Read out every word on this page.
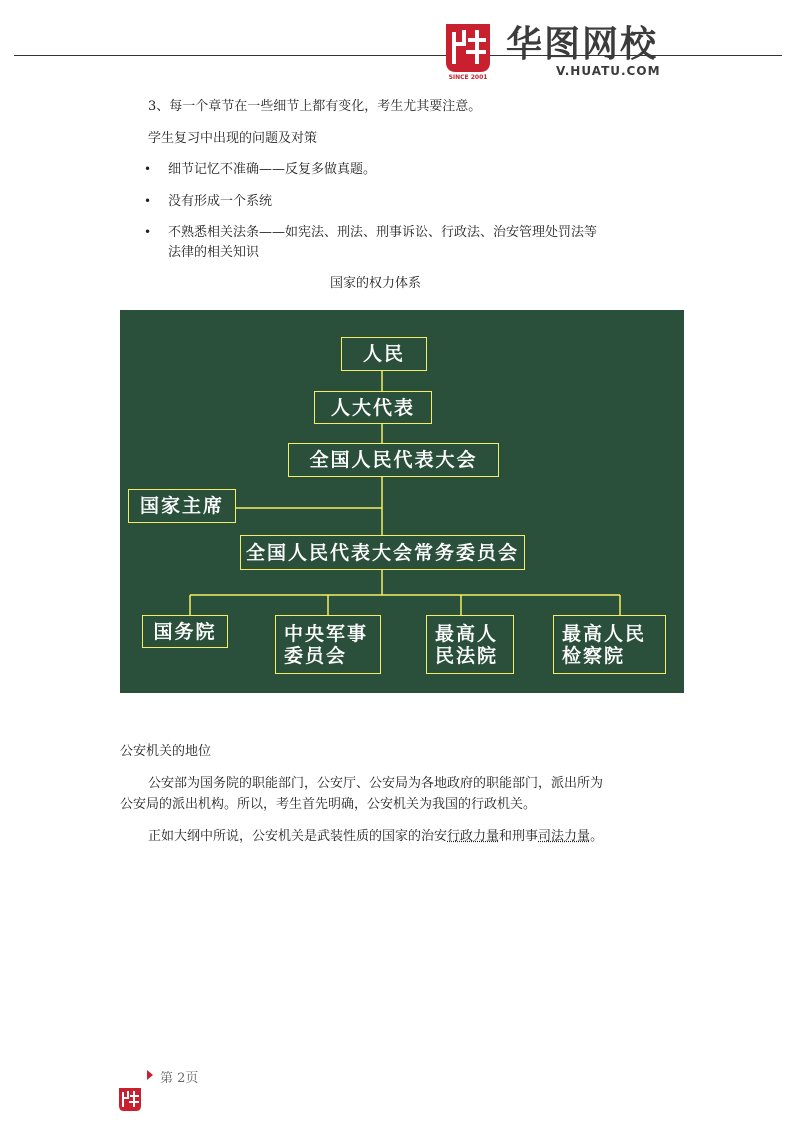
SINCE 2001
华图网校
V.HUATU.COM
3、每一个章节在一些细节上都有变化，考生尤其要注意。
学生复习中出现的问题及对策
• 细节记忆不准确——反复多做真题。
• 没有形成一个系统
• 不熟悉相关法条——如宪法、刑法、刑事诉讼、行政法、治安管理处罚法等
法律的相关知识
国家的权力体系
人民
人大代表
全国人民代表大会
国家主席
全国人民代表大会常务委员会
国务院	中央军事
委员会
最高人
民法院
最高人民
检察院
公安机关的地位
公安部为国务院的职能部门，公安厅、公安局为各地政府的职能部门，派出所为
公安局的派出机构。所以，考生首先明确，公安机关为我国的行政机关。
正如大纲中所说，公安机关是武装性质的国家的治安行政力量和刑事司法力量。
第 2页
